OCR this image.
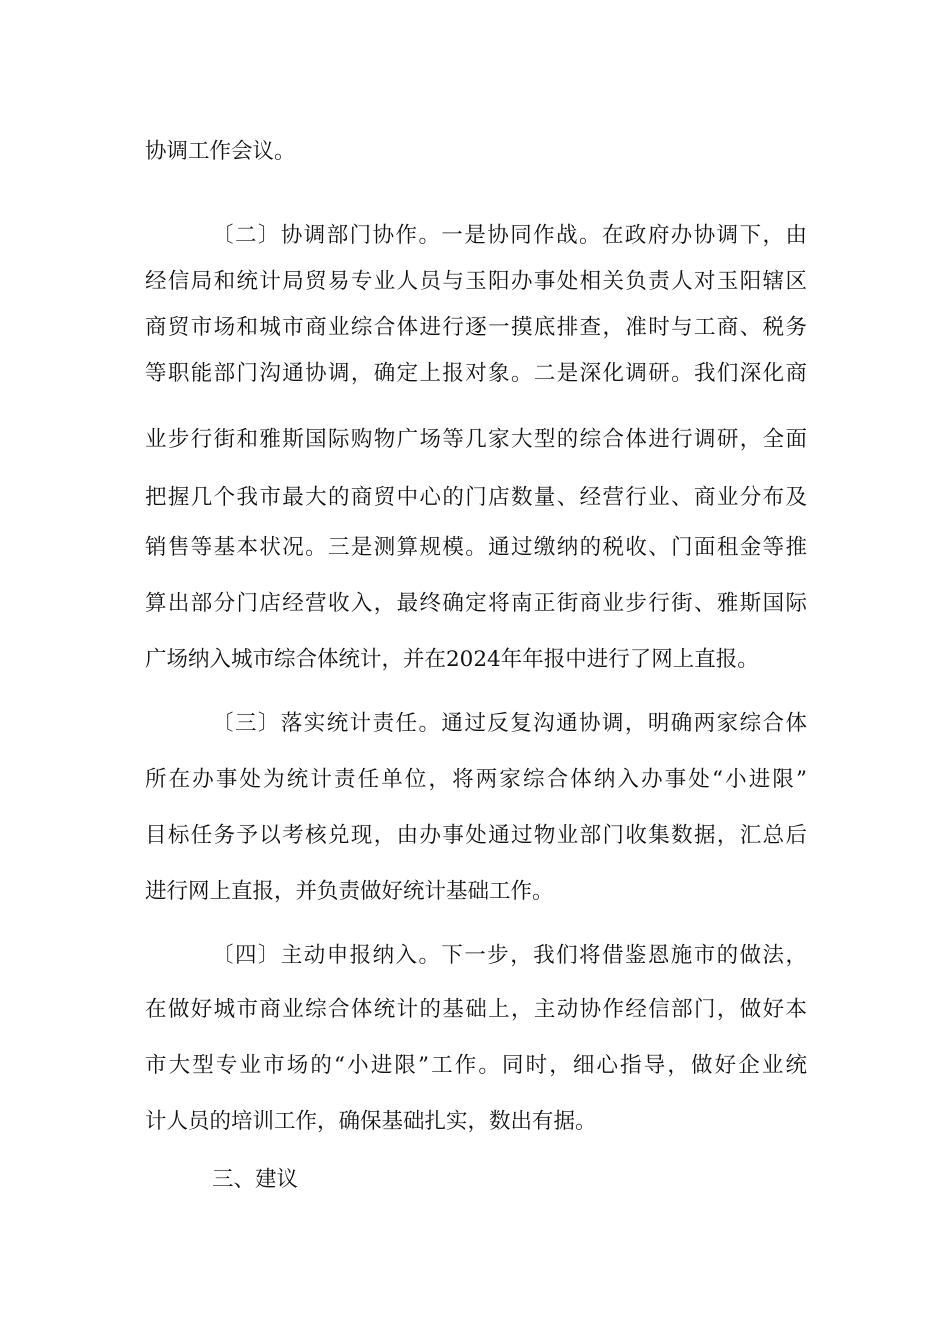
协调工作会议。
〔二〕协调部门协作。一是协同作战。在政府办协调下，由
经信局和统计局贸易专业人员与玉阳办事处相关负责人对玉阳辖区
商贸市场和城市商业综合体进行逐一摸底排查，准时与工商、税务
等职能部门沟通协调，确定上报对象。二是深化调研。我们深化商
业步行街和雅斯国际购物广场等几家大型的综合体进行调研，全面
把握几个我市最大的商贸中心的门店数量、经营行业、商业分布及
销售等基本状况。三是测算规模。通过缴纳的税收、门面租金等推
算出部分门店经营收入，最终确定将南正街商业步行街、雅斯国际
广场纳入城市综合体统计，并在2024年年报中进行了网上直报。
〔三〕落实统计责任。通过反复沟通协调，明确两家综合体
所在办事处为统计责任单位，将两家综合体纳入办事处“小进限”
目标任务予以考核兑现，由办事处通过物业部门收集数据，汇总后
进行网上直报，并负责做好统计基础工作。
〔四〕主动申报纳入。下一步，我们将借鉴恩施市的做法，
在做好城市商业综合体统计的基础上，主动协作经信部门，做好本
市大型专业市场的“小进限”工作。同时，细心指导，做好企业统
计人员的培训工作，确保基础扎实，数出有据。
三、建议
